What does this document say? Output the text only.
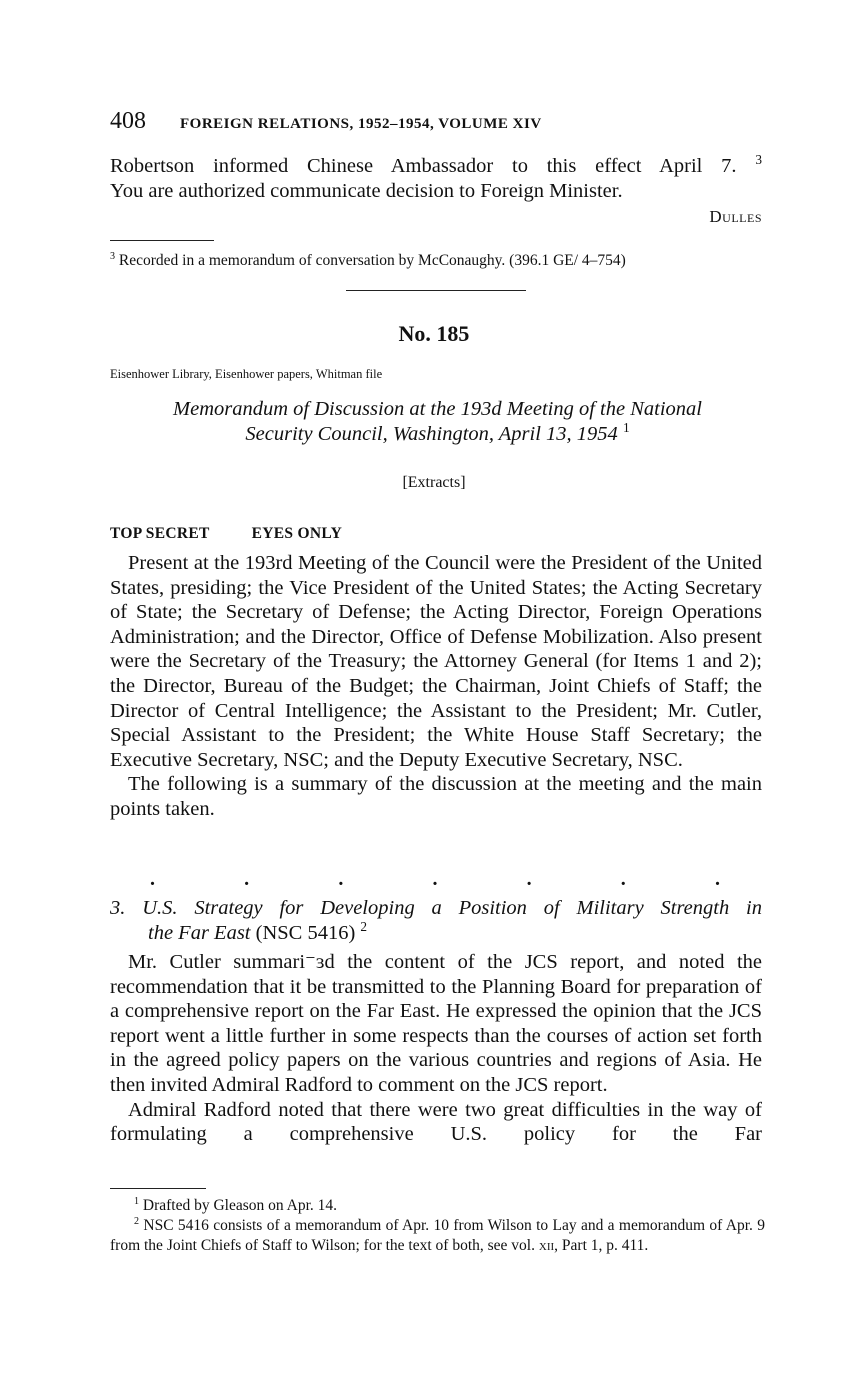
408 FOREIGN RELATIONS, 1952–1954, VOLUME XIV
Robertson informed Chinese Ambassador to this effect April 7. $^3$
You are authorized communicate decision to Foreign Minister.
Dulles
$^3$ Recorded in a memorandum of conversation by McConaughy. (396.1 GE/ 4–754)
No. 185
Eisenhower Library, Eisenhower papers, Whitman file
Memorandum of Discussion at the 193d Meeting of the National
Security Council, Washington, April 13, 1954 $^1$
[Extracts]
TOP SECRET	EYES ONLY

Present at the 193rd Meeting of the Council were the President of the United States, presiding; the Vice President of the United States; the Acting Secretary of State; the Secretary of Defense; the Acting Director, Foreign Operations Administration; and the Director, Office of Defense Mobilization. Also present were the Secretary of the Treasury; the Attorney General (for Items 1 and 2); the Director, Bureau of the Budget; the Chairman, Joint Chiefs of Staff; the Director of Central Intelligence; the Assistant to the President; Mr. Cutler, Special Assistant to the President; the White House Staff Secretary; the Executive Secretary, NSC; and the Deputy Executive Secretary, NSC.

The following is a summary of the discussion at the meeting and the main points taken.

.	.	.	.	.	.	.
3. U.S. Strategy for Developing a Position of Military Strength in
the Far East (NSC 5416) $^2$

Mr. Cutler summari⁻ɜd the content of the JCS report, and noted the recommendation that it be transmitted to the Planning Board for preparation of a comprehensive report on the Far East. He expressed the opinion that the JCS report went a little further in some respects than the courses of action set forth in the agreed policy papers on the various countries and regions of Asia. He then invited Admiral Radford to comment on the JCS report.

Admiral Radford noted that there were two great difficulties in the way of formulating a comprehensive U.S. policy for the Far

$^1$ Drafted by Gleason on Apr. 14.

$^2$ NSC 5416 consists of a memorandum of Apr. 10 from Wilson to Lay and a memorandum of Apr. 9 from the Joint Chiefs of Staff to Wilson; for the text of both, see vol. xii, Part 1, p. 411.
